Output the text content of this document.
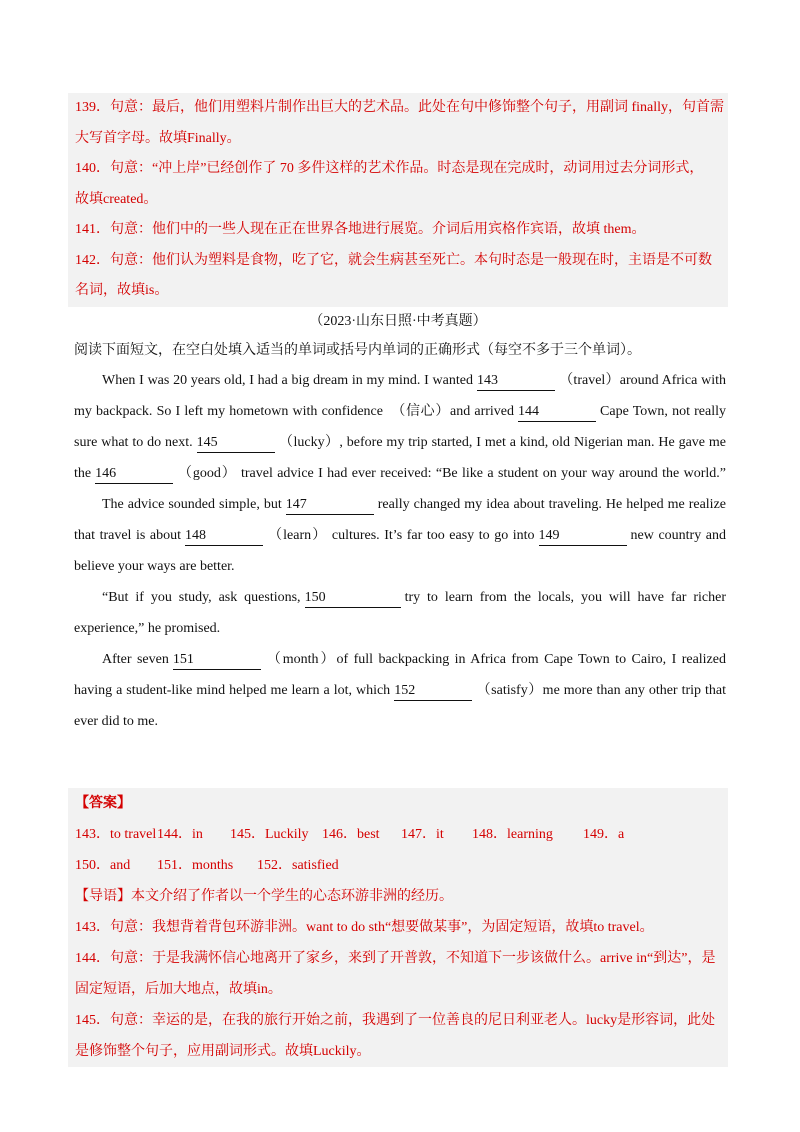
139．句意：最后，他们用塑料片制作出巨大的艺术品。此处在句中修饰整个句子，用副词 finally，句首需
大写首字母。故填Finally。
140．句意：“冲上岸”已经创作了 70 多件这样的艺术作品。时态是现在完成时，动词用过去分词形式，
故填created。
141．句意：他们中的一些人现在正在世界各地进行展览。介词后用宾格作宾语，故填 them。
142．句意：他们认为塑料是食物，吃了它，就会生病甚至死亡。本句时态是一般现在时，主语是不可数
名词，故填is。
（2023·山东日照·中考真题）
阅读下面短文，在空白处填入适当的单词或括号内单词的正确形式（每空不多于三个单词）。
When I was 20 years old, I had a big dream in my mind. I wanted 143	（travel）around Africa with
my backpack. So I left my hometown with confidence　（信心）and arrived 144	Cape Town, not really
sure what to do next. 145	（lucky）, before my trip started, I met a kind, old Nigerian man. He gave me
the 146	（good） travel advice I had ever received: “Be like a student on your way around the world.”
The advice sounded simple, but 147	really changed my idea about traveling. He helped me realize
that travel is about 148	（learn） cultures. It’s far too easy to go into 149	new country and
believe your ways are better.
“But if you study, ask questions, 150	try to learn from the locals, you will have far richer
experience,” he promised.
After seven 151	（month）of full backpacking in Africa from Cape Town to Cairo, I realized
having a student-like mind helped me learn a lot, which 152	（satisfy）me more than any other trip that
ever did to me.
【答案】
143．to travel144．in 145．Luckily 146．best 147．it 148．learning 149．a
150．and 151．months 152．satisfied
【导语】本文介绍了作者以一个学生的心态环游非洲的经历。
143．句意：我想背着背包环游非洲。want to do sth“想要做某事”，为固定短语，故填to travel。
144．句意：于是我满怀信心地离开了家乡，来到了开普敦，不知道下一步该做什么。arrive in“到达”，是
固定短语，后加大地点，故填in。
145．句意：幸运的是，在我的旅行开始之前，我遇到了一位善良的尼日利亚老人。lucky是形容词，此处
是修饰整个句子，应用副词形式。故填Luckily。
